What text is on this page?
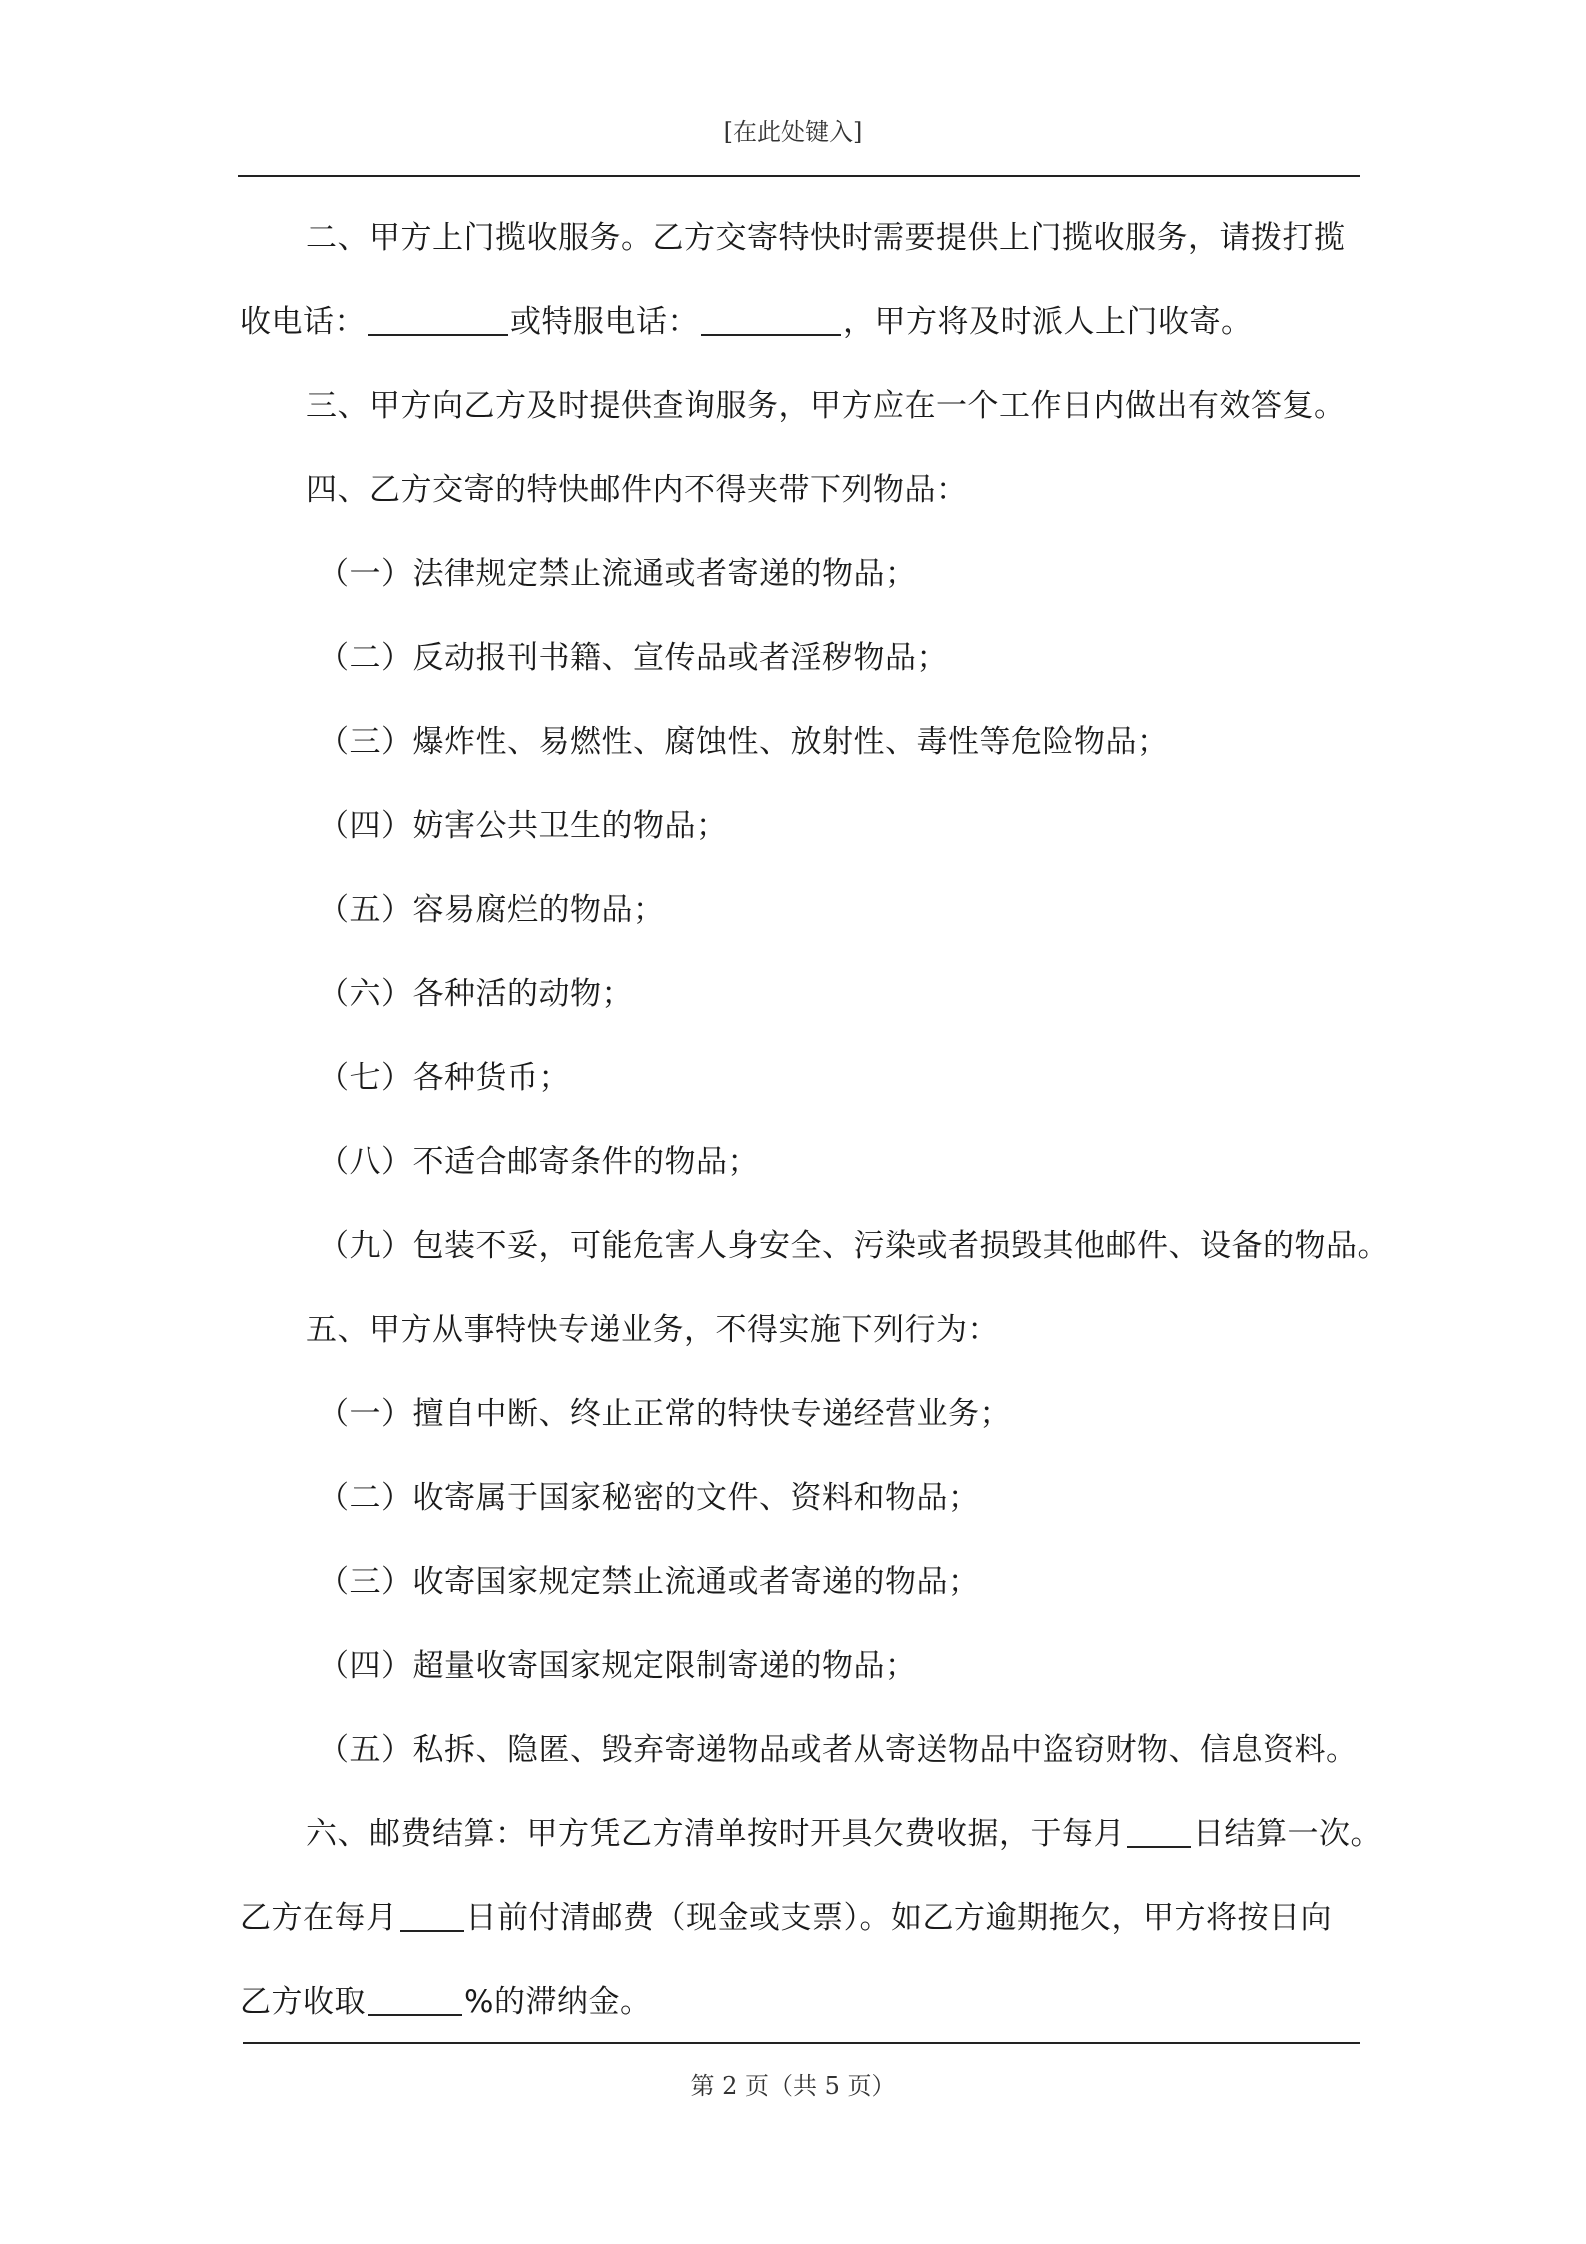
[在此处键入]
二、甲方上门揽收服务。乙方交寄特快时需要提供上门揽收服务，请拨打揽
收电话：	或特服电话：	，甲方将及时派人上门收寄。
三、甲方向乙方及时提供查询服务，甲方应在一个工作日内做出有效答复。
四、乙方交寄的特快邮件内不得夹带下列物品：
（一）法律规定禁止流通或者寄递的物品；
（二）反动报刊书籍、宣传品或者淫秽物品；
（三）爆炸性、易燃性、腐蚀性、放射性、毒性等危险物品；
（四）妨害公共卫生的物品；
（五）容易腐烂的物品；
（六）各种活的动物；
（七）各种货币；
（八）不适合邮寄条件的物品；
（九）包装不妥，可能危害人身安全、污染或者损毁其他邮件、设备的物品。
五、甲方从事特快专递业务，不得实施下列行为：
（一）擅自中断、终止正常的特快专递经营业务；
（二）收寄属于国家秘密的文件、资料和物品；
（三）收寄国家规定禁止流通或者寄递的物品；
（四）超量收寄国家规定限制寄递的物品；
（五）私拆、隐匿、毁弃寄递物品或者从寄送物品中盗窃财物、信息资料。
六、邮费结算：甲方凭乙方清单按时开具欠费收据，于每月 日结算一次。
乙方在每月 日前付清邮费（现金或支票）。如乙方逾期拖欠，甲方将按日向
乙方收取	%的滞纳金。
第 2 页（共 5 页）
